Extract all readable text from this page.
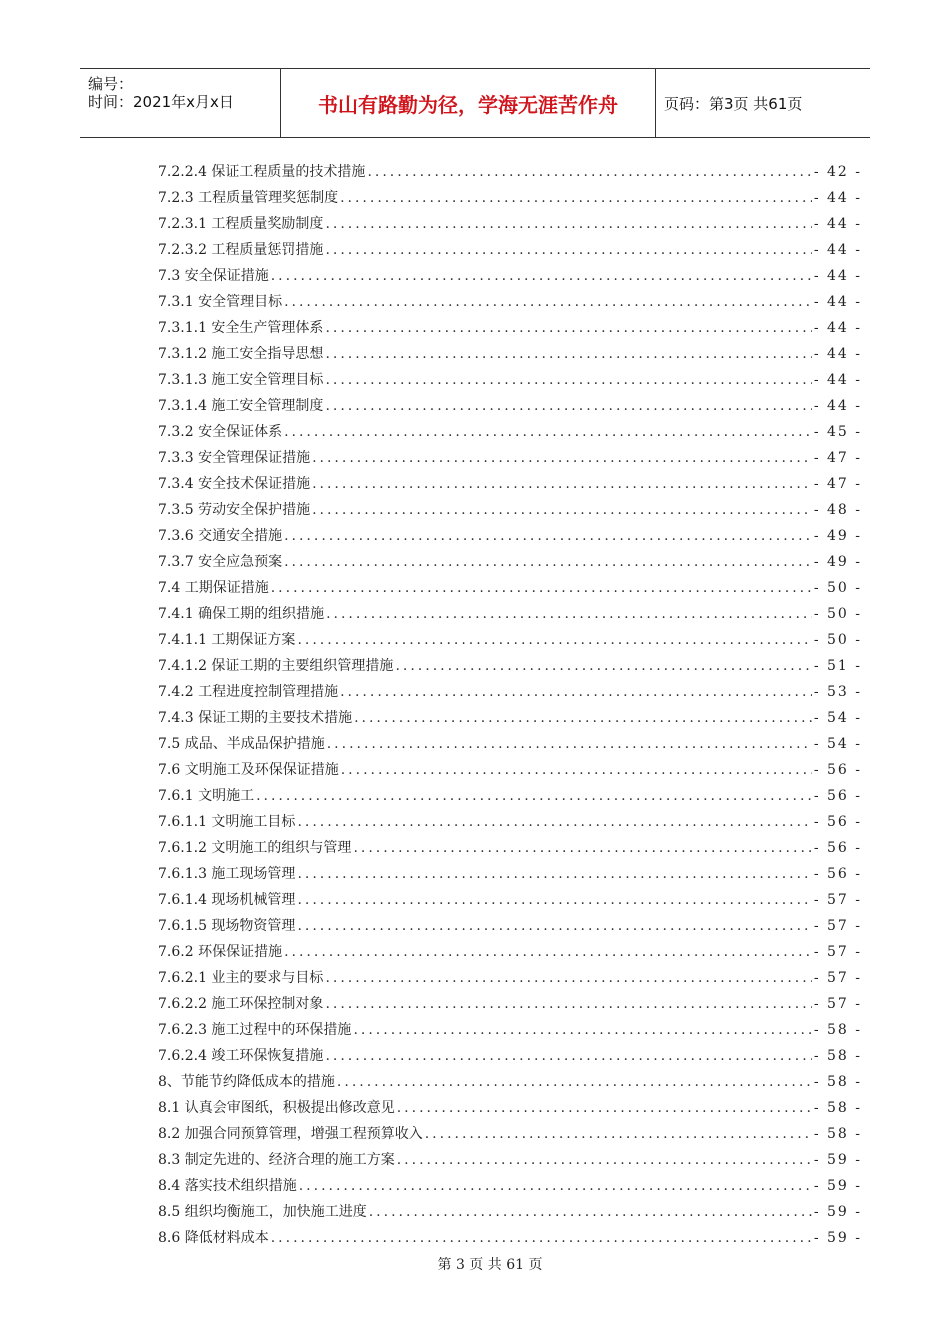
编号：
时间：2021年x月x日	书山有路勤为径，学海无涯苦作舟	页码：第3页 共61页
7.2.2.4 保证工程质量的技术措施 .....	- 42 -
7.2.3 工程质量管理奖惩制度 .....	- 44 -
7.2.3.1 工程质量奖励制度 .....	- 44 -
7.2.3.2 工程质量惩罚措施 .....	- 44 -
7.3 安全保证措施 .....	- 44 -
7.3.1 安全管理目标 .....	- 44 -
7.3.1.1 安全生产管理体系 .....	- 44 -
7.3.1.2 施工安全指导思想 .....	- 44 -
7.3.1.3 施工安全管理目标 .....	- 44 -
7.3.1.4 施工安全管理制度 .....	- 44 -
7.3.2 安全保证体系 .....	- 45 -
7.3.3 安全管理保证措施 .....	- 47 -
7.3.4 安全技术保证措施 .....	- 47 -
7.3.5 劳动安全保护措施 .....	- 48 -
7.3.6 交通安全措施 .....	- 49 -
7.3.7 安全应急预案 .....	- 49 -
7.4 工期保证措施 .....	- 50 -
7.4.1 确保工期的组织措施 .....	- 50 -
7.4.1.1 工期保证方案 .....	- 50 -
7.4.1.2 保证工期的主要组织管理措施 .....	- 51 -
7.4.2 工程进度控制管理措施 .....	- 53 -
7.4.3 保证工期的主要技术措施 .....	- 54 -
7.5 成品、半成品保护措施 .....	- 54 -
7.6 文明施工及环保保证措施 .....	- 56 -
7.6.1 文明施工 .....	- 56 -
7.6.1.1 文明施工目标 .....	- 56 -
7.6.1.2 文明施工的组织与管理 .....	- 56 -
7.6.1.3 施工现场管理 .....	- 56 -
7.6.1.4 现场机械管理 .....	- 57 -
7.6.1.5 现场物资管理 .....	- 57 -
7.6.2 环保保证措施 .....	- 57 -
7.6.2.1 业主的要求与目标 .....	- 57 -
7.6.2.2 施工环保控制对象 .....	- 57 -
7.6.2.3 施工过程中的环保措施 .....	- 58 -
7.6.2.4 竣工环保恢复措施 .....	- 58 -
8、节能节约降低成本的措施 .....	- 58 -
8.1 认真会审图纸，积极提出修改意见 .....	- 58 -
8.2 加强合同预算管理，增强工程预算收入 .....	- 58 -
8.3 制定先进的、经济合理的施工方案 .....	- 59 -
8.4 落实技术组织措施 .....	- 59 -
8.5 组织均衡施工，加快施工进度 .....	- 59 -
8.6 降低材料成本 .....	- 59 -
第 3 页 共 61 页
